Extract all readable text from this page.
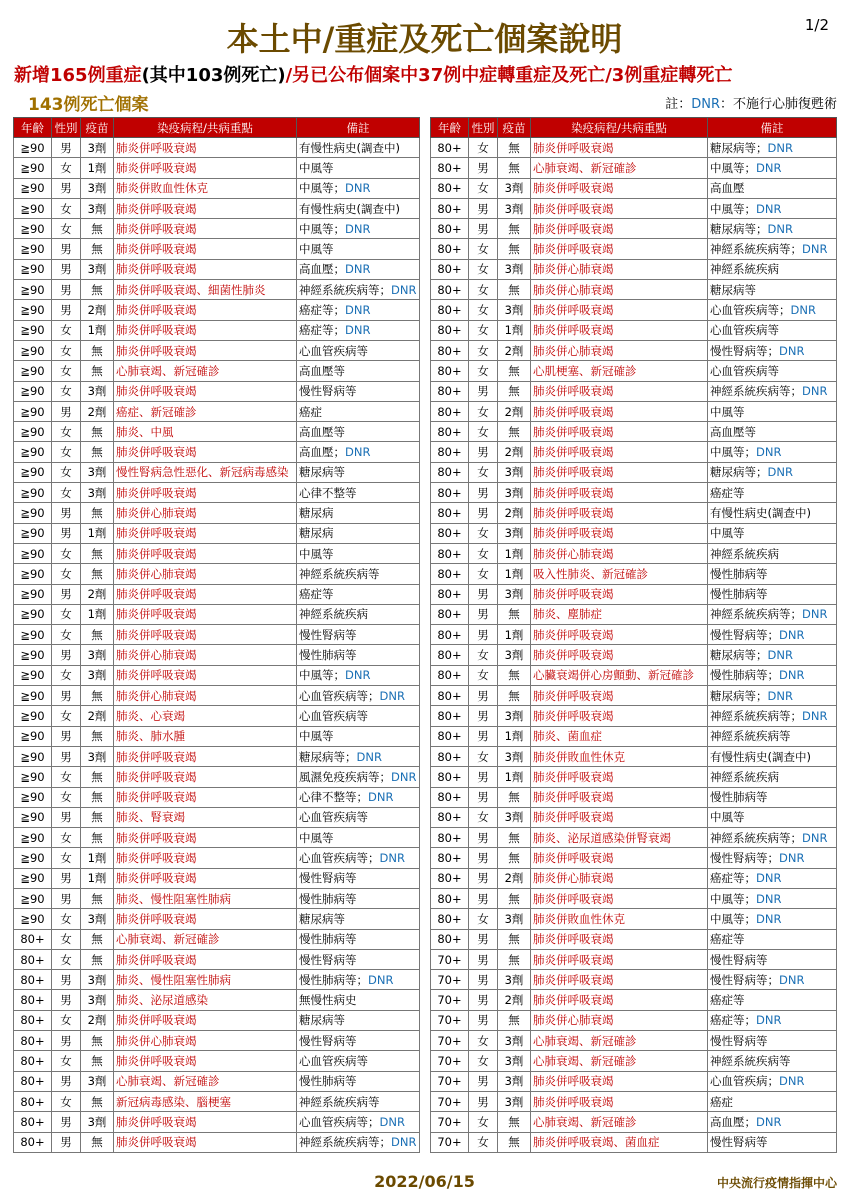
本土中/重症及死亡個案說明	1/2
新增165例重症(其中103例死亡)/另已公布個案中37例中症轉重症及死亡/3例重症轉死亡
143例死亡個案	註：DNR：不施行心肺復甦術
年齡	性別	疫苗	染疫病程/共病重點	備註
≧90	男	3劑	肺炎併呼吸衰竭	有慢性病史(調查中)
≧90	女	1劑	肺炎併呼吸衰竭	中風等
≧90	男	3劑	肺炎併敗血性休克	中風等；DNR
≧90	女	3劑	肺炎併呼吸衰竭	有慢性病史(調查中)
≧90	女	無	肺炎併呼吸衰竭	中風等；DNR
≧90	男	無	肺炎併呼吸衰竭	中風等
≧90	男	3劑	肺炎併呼吸衰竭	高血壓；DNR
≧90	男	無	肺炎併呼吸衰竭、細菌性肺炎	神經系統疾病等；DNR
≧90	男	2劑	肺炎併呼吸衰竭	癌症等；DNR
≧90	女	1劑	肺炎併呼吸衰竭	癌症等；DNR
≧90	女	無	肺炎併呼吸衰竭	心血管疾病等
≧90	女	無	心肺衰竭、新冠確診	高血壓等
≧90	女	3劑	肺炎併呼吸衰竭	慢性腎病等
≧90	男	2劑	癌症、新冠確診	癌症
≧90	女	無	肺炎、中風	高血壓等
≧90	女	無	肺炎併呼吸衰竭	高血壓；DNR
≧90	女	3劑	慢性腎病急性惡化、新冠病毒感染	糖尿病等
≧90	女	3劑	肺炎併呼吸衰竭	心律不整等
≧90	男	無	肺炎併心肺衰竭	糖尿病
≧90	男	1劑	肺炎併呼吸衰竭	糖尿病
≧90	女	無	肺炎併呼吸衰竭	中風等
≧90	女	無	肺炎併心肺衰竭	神經系統疾病等
≧90	男	2劑	肺炎併呼吸衰竭	癌症等
≧90	女	1劑	肺炎併呼吸衰竭	神經系統疾病
≧90	女	無	肺炎併呼吸衰竭	慢性腎病等
≧90	男	3劑	肺炎併心肺衰竭	慢性肺病等
≧90	女	3劑	肺炎併呼吸衰竭	中風等；DNR
≧90	男	無	肺炎併心肺衰竭	心血管疾病等；DNR
≧90	女	2劑	肺炎、心衰竭	心血管疾病等
≧90	男	無	肺炎、肺水腫	中風等
≧90	男	3劑	肺炎併呼吸衰竭	糖尿病等；DNR
≧90	女	無	肺炎併呼吸衰竭	風濕免疫疾病等；DNR
≧90	女	無	肺炎併呼吸衰竭	心律不整等；DNR
≧90	男	無	肺炎、腎衰竭	心血管疾病等
≧90	女	無	肺炎併呼吸衰竭	中風等
≧90	女	1劑	肺炎併呼吸衰竭	心血管疾病等；DNR
≧90	男	1劑	肺炎併呼吸衰竭	慢性腎病等
≧90	男	無	肺炎、慢性阻塞性肺病	慢性肺病等
≧90	女	3劑	肺炎併呼吸衰竭	糖尿病等
80+	女	無	心肺衰竭、新冠確診	慢性肺病等
80+	女	無	肺炎併呼吸衰竭	慢性腎病等
80+	男	3劑	肺炎、慢性阻塞性肺病	慢性肺病等；DNR
80+	男	3劑	肺炎、泌尿道感染	無慢性病史
80+	女	2劑	肺炎併呼吸衰竭	糖尿病等
80+	男	無	肺炎併心肺衰竭	慢性腎病等
80+	女	無	肺炎併呼吸衰竭	心血管疾病等
80+	男	3劑	心肺衰竭、新冠確診	慢性肺病等
80+	女	無	新冠病毒感染、腦梗塞	神經系統疾病等
80+	男	3劑	肺炎併呼吸衰竭	心血管疾病等；DNR
80+	男	無	肺炎併呼吸衰竭	神經系統疾病等；DNR
年齡	性別	疫苗	染疫病程/共病重點	備註
80+	女	無	肺炎併呼吸衰竭	糖尿病等；DNR
80+	男	無	心肺衰竭、新冠確診	中風等；DNR
80+	女	3劑	肺炎併呼吸衰竭	高血壓
80+	男	3劑	肺炎併呼吸衰竭	中風等；DNR
80+	男	無	肺炎併呼吸衰竭	糖尿病等；DNR
80+	女	無	肺炎併呼吸衰竭	神經系統疾病等；DNR
80+	女	3劑	肺炎併心肺衰竭	神經系統疾病
80+	女	無	肺炎併心肺衰竭	糖尿病等
80+	女	3劑	肺炎併呼吸衰竭	心血管疾病等；DNR
80+	女	1劑	肺炎併呼吸衰竭	心血管疾病等
80+	女	2劑	肺炎併心肺衰竭	慢性腎病等；DNR
80+	女	無	心肌梗塞、新冠確診	心血管疾病等
80+	男	無	肺炎併呼吸衰竭	神經系統疾病等；DNR
80+	女	2劑	肺炎併呼吸衰竭	中風等
80+	女	無	肺炎併呼吸衰竭	高血壓等
80+	男	2劑	肺炎併呼吸衰竭	中風等；DNR
80+	女	3劑	肺炎併呼吸衰竭	糖尿病等；DNR
80+	男	3劑	肺炎併呼吸衰竭	癌症等
80+	男	2劑	肺炎併呼吸衰竭	有慢性病史(調查中)
80+	女	3劑	肺炎併呼吸衰竭	中風等
80+	女	1劑	肺炎併心肺衰竭	神經系統疾病
80+	女	1劑	吸入性肺炎、新冠確診	慢性肺病等
80+	男	3劑	肺炎併呼吸衰竭	慢性肺病等
80+	男	無	肺炎、塵肺症	神經系統疾病等；DNR
80+	男	1劑	肺炎併呼吸衰竭	慢性腎病等；DNR
80+	女	3劑	肺炎併呼吸衰竭	糖尿病等；DNR
80+	女	無	心臟衰竭併心房顫動、新冠確診	慢性肺病等；DNR
80+	男	無	肺炎併呼吸衰竭	糖尿病等；DNR
80+	男	3劑	肺炎併呼吸衰竭	神經系統疾病等；DNR
80+	男	1劑	肺炎、菌血症	神經系統疾病等
80+	女	3劑	肺炎併敗血性休克	有慢性病史(調查中)
80+	男	1劑	肺炎併呼吸衰竭	神經系統疾病
80+	男	無	肺炎併呼吸衰竭	慢性肺病等
80+	女	3劑	肺炎併呼吸衰竭	中風等
80+	男	無	肺炎、泌尿道感染併腎衰竭	神經系統疾病等；DNR
80+	男	無	肺炎併呼吸衰竭	慢性腎病等；DNR
80+	男	2劑	肺炎併心肺衰竭	癌症等；DNR
80+	男	無	肺炎併呼吸衰竭	中風等；DNR
80+	女	3劑	肺炎併敗血性休克	中風等；DNR
80+	男	無	肺炎併呼吸衰竭	癌症等
70+	男	無	肺炎併呼吸衰竭	慢性腎病等
70+	男	3劑	肺炎併呼吸衰竭	慢性腎病等；DNR
70+	男	2劑	肺炎併呼吸衰竭	癌症等
70+	男	無	肺炎併心肺衰竭	癌症等；DNR
70+	女	3劑	心肺衰竭、新冠確診	慢性腎病等
70+	女	3劑	心肺衰竭、新冠確診	神經系統疾病等
70+	男	3劑	肺炎併呼吸衰竭	心血管疾病；DNR
70+	男	3劑	肺炎併呼吸衰竭	癌症
70+	女	無	心肺衰竭、新冠確診	高血壓；DNR
70+	女	無	肺炎併呼吸衰竭、菌血症	慢性腎病等
2022/06/15	中央流行疫情指揮中心
